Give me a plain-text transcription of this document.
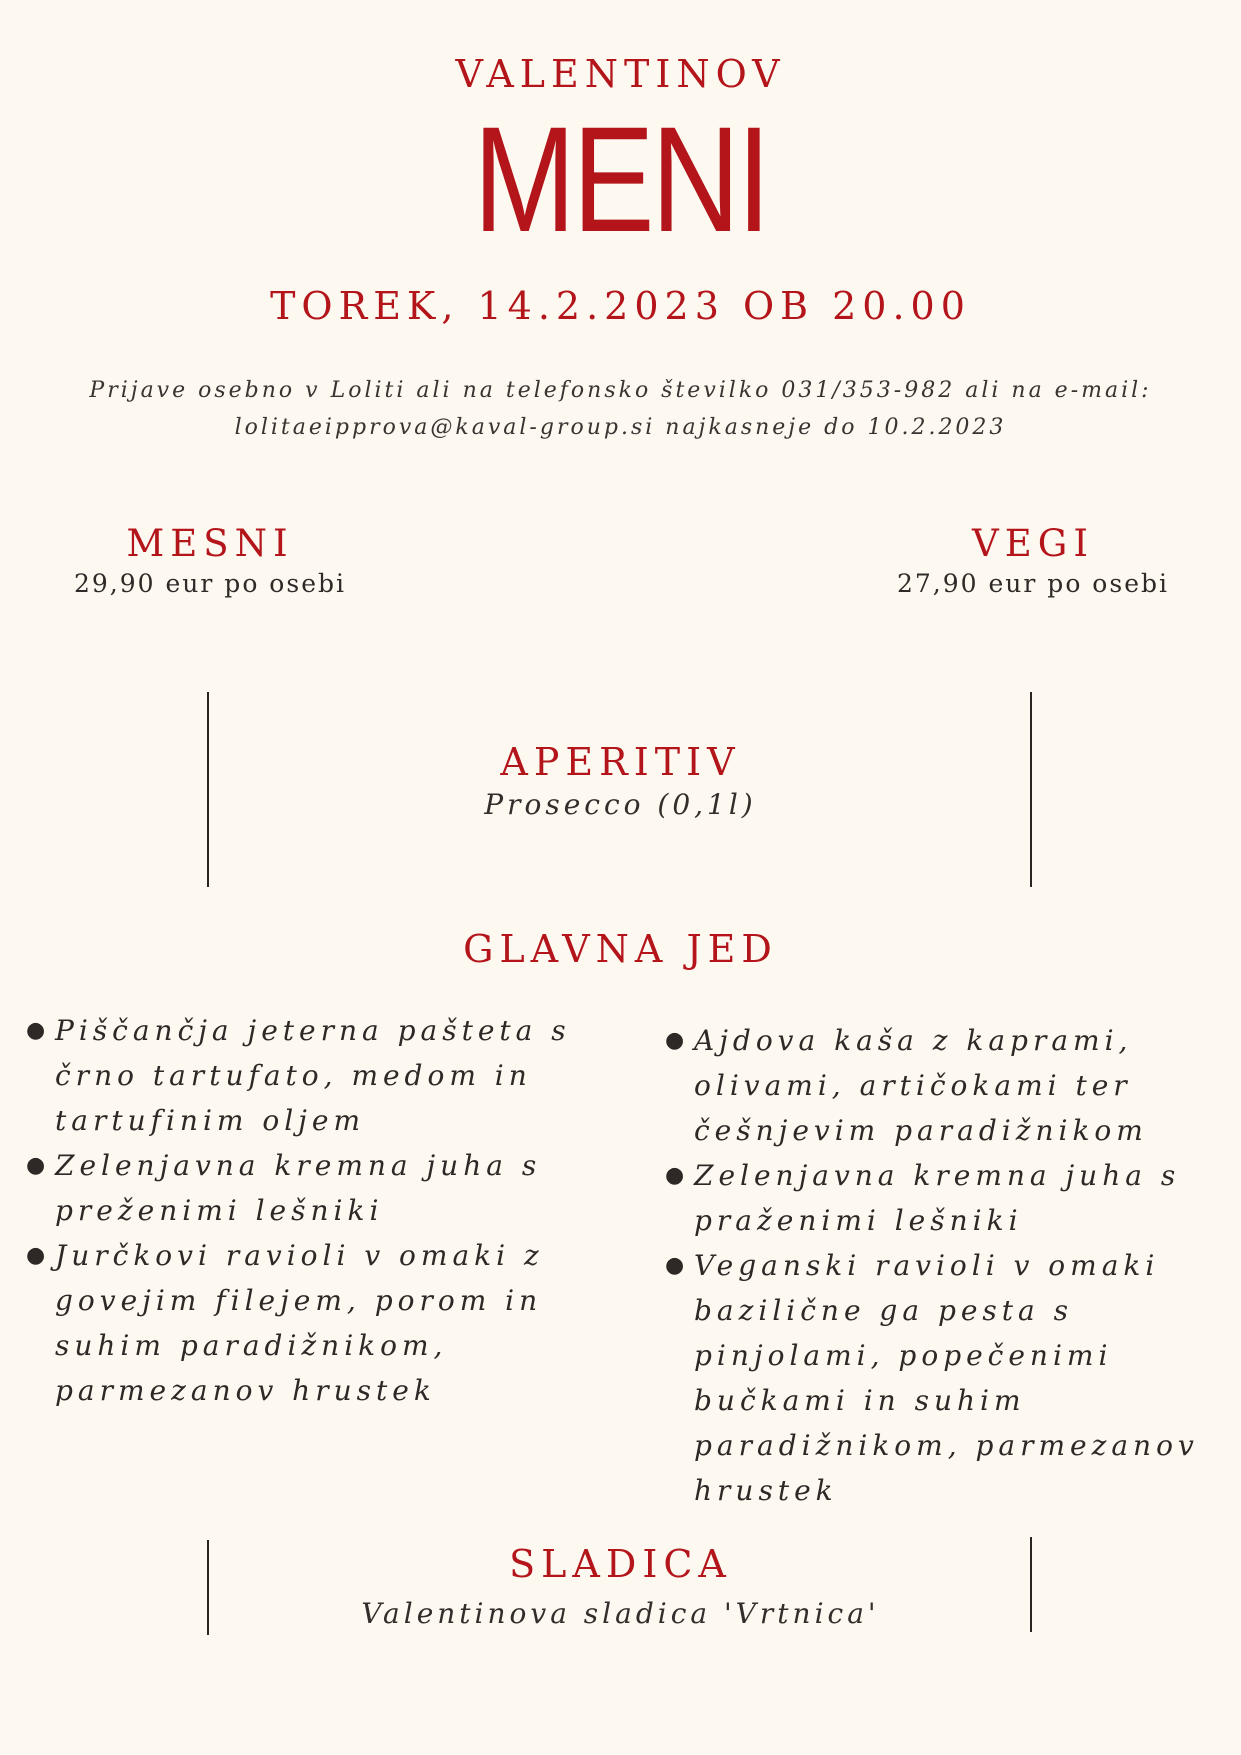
VALENTINOV
MENI
TOREK, 14.2.2023 OB 20.00
Prijave osebno v Loliti ali na telefonsko številko 031/353-982 ali na e-mail:
lolitaeipprova@kaval-group.si najkasneje do 10.2.2023
MESNI
29,90 eur po osebi
VEGI
27,90 eur po osebi
APERITIV
Prosecco (0,1l)
GLAVNA JED
● Piščančja jeterna pašteta s črno tartufato, medom in tartufinim oljem
● Zelenjavna kremna juha s preženimi lešniki
● Jurčkovi ravioli v omaki z govejim filejem, porom in suhim paradižnikom, parmezanov hrustek
● Ajdova kaša z kaprami, olivami, artičokami ter češnjevim paradižnikom
● Zelenjavna kremna juha s praženimi lešniki
● Veganski ravioli v omaki bazilične ga pesta s pinjolami, popečenimi bučkami in suhim paradižnikom, parmezanov hrustek
SLADICA
Valentinova sladica 'Vrtnica'
